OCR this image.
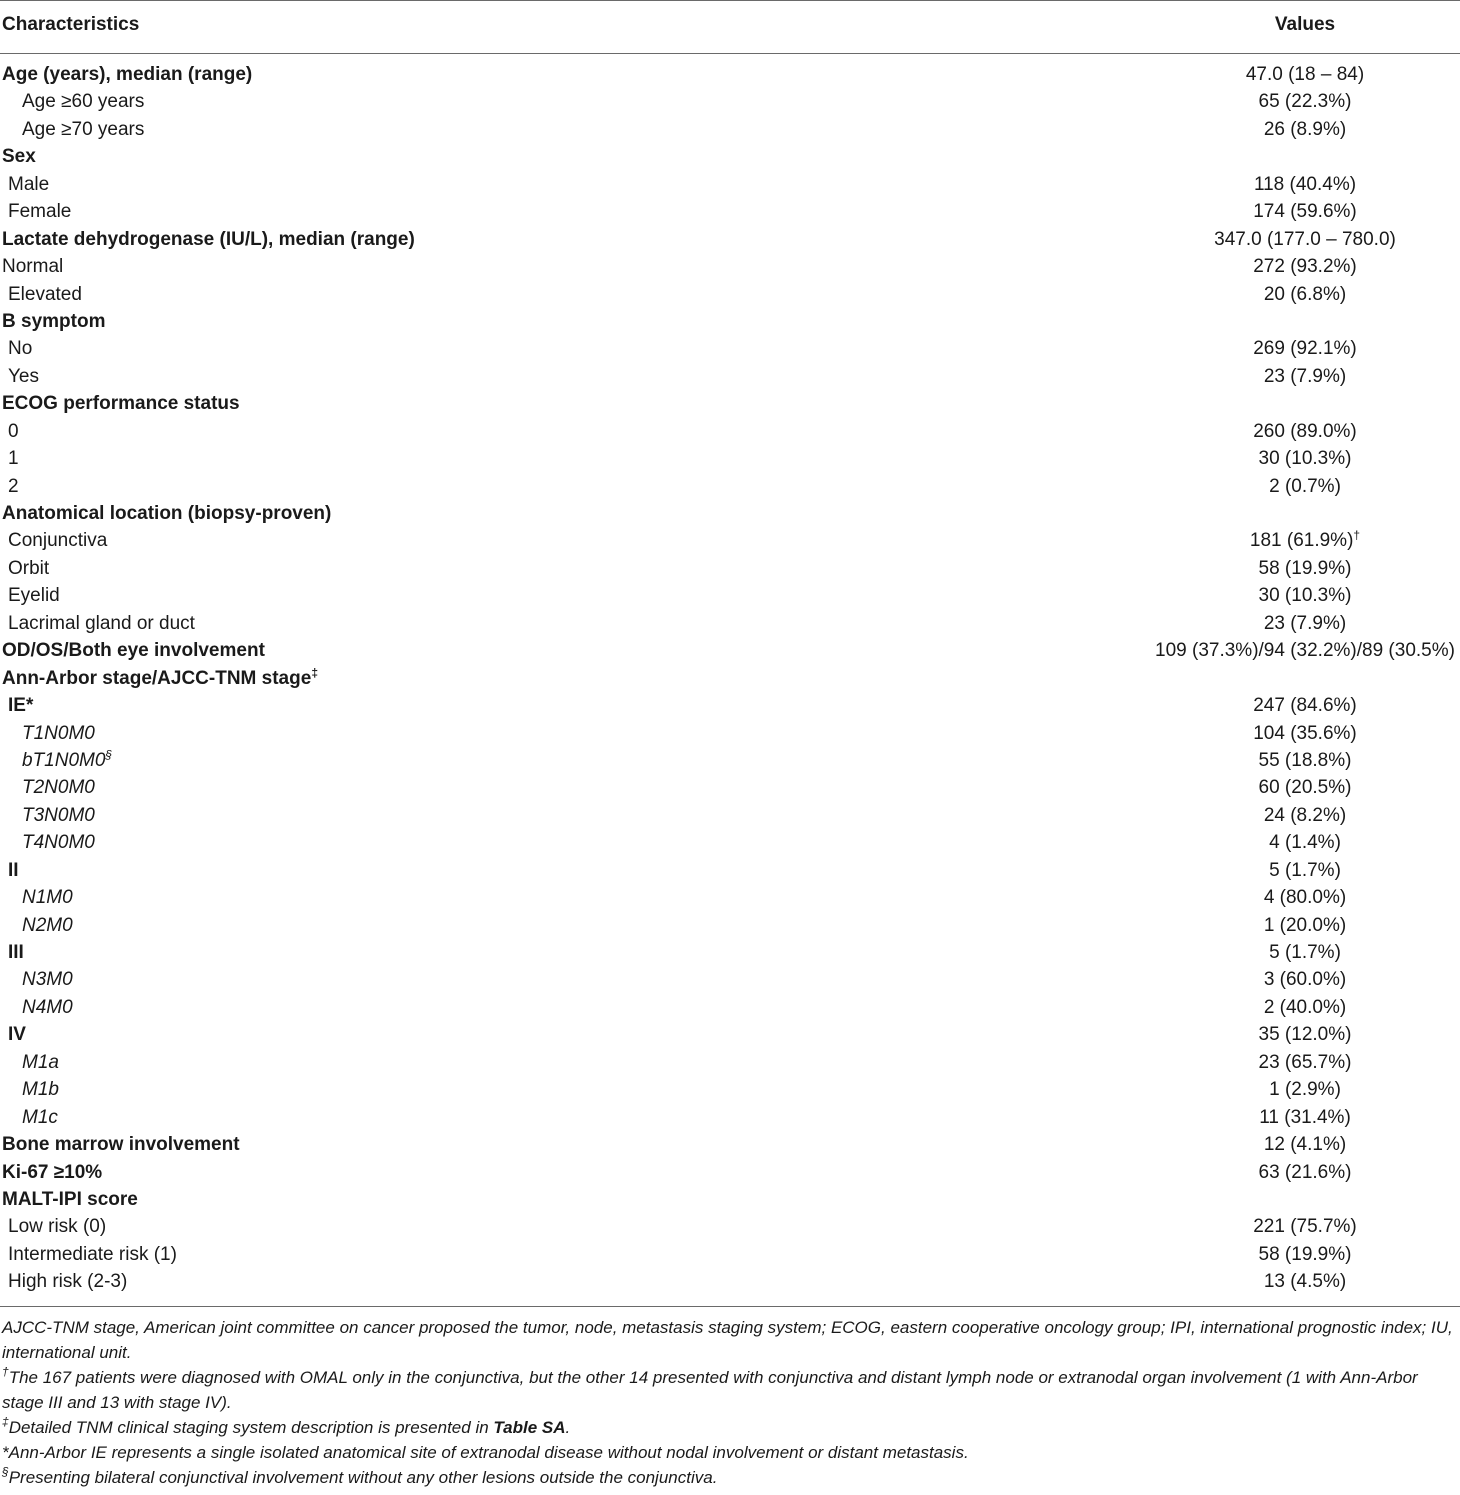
Characteristics	Values
Age (years), median (range)	47.0 (18 – 84)
Age ≥60 years	65 (22.3%)
Age ≥70 years	26 (8.9%)
Sex
Male	118 (40.4%)
Female	174 (59.6%)
Lactate dehydrogenase (IU/L), median (range)	347.0 (177.0 – 780.0)
Normal	272 (93.2%)
Elevated	20 (6.8%)
B symptom
No	269 (92.1%)
Yes	23 (7.9%)
ECOG performance status
0	260 (89.0%)
1	30 (10.3%)
2	2 (0.7%)
Anatomical location (biopsy-proven)
Conjunctiva	181 (61.9%)†
Orbit	58 (19.9%)
Eyelid	30 (10.3%)
Lacrimal gland or duct	23 (7.9%)
OD/OS/Both eye involvement	109 (37.3%)/94 (32.2%)/89 (30.5%)
Ann-Arbor stage/AJCC-TNM stage‡
IE*	247 (84.6%)
T1N0M0	104 (35.6%)
bT1N0M0§	55 (18.8%)
T2N0M0	60 (20.5%)
T3N0M0	24 (8.2%)
T4N0M0	4 (1.4%)
II	5 (1.7%)
N1M0	4 (80.0%)
N2M0	1 (20.0%)
III	5 (1.7%)
N3M0	3 (60.0%)
N4M0	2 (40.0%)
IV	35 (12.0%)
M1a	23 (65.7%)
M1b	1 (2.9%)
M1c	11 (31.4%)
Bone marrow involvement	12 (4.1%)
Ki-67 ≥10%	63 (21.6%)
MALT-IPI score
Low risk (0)	221 (75.7%)
Intermediate risk (1)	58 (19.9%)
High risk (2-3)	13 (4.5%)

AJCC-TNM stage, American joint committee on cancer proposed the tumor, node, metastasis staging system; ECOG, eastern cooperative oncology group; IPI, international prognostic index; IU, international unit.

†The 167 patients were diagnosed with OMAL only in the conjunctiva, but the other 14 presented with conjunctiva and distant lymph node or extranodal organ involvement (1 with Ann-Arbor stage III and 13 with stage IV).

‡Detailed TNM clinical staging system description is presented in Table SA.

*Ann-Arbor IE represents a single isolated anatomical site of extranodal disease without nodal involvement or distant metastasis.

§Presenting bilateral conjunctival involvement without any other lesions outside the conjunctiva.
